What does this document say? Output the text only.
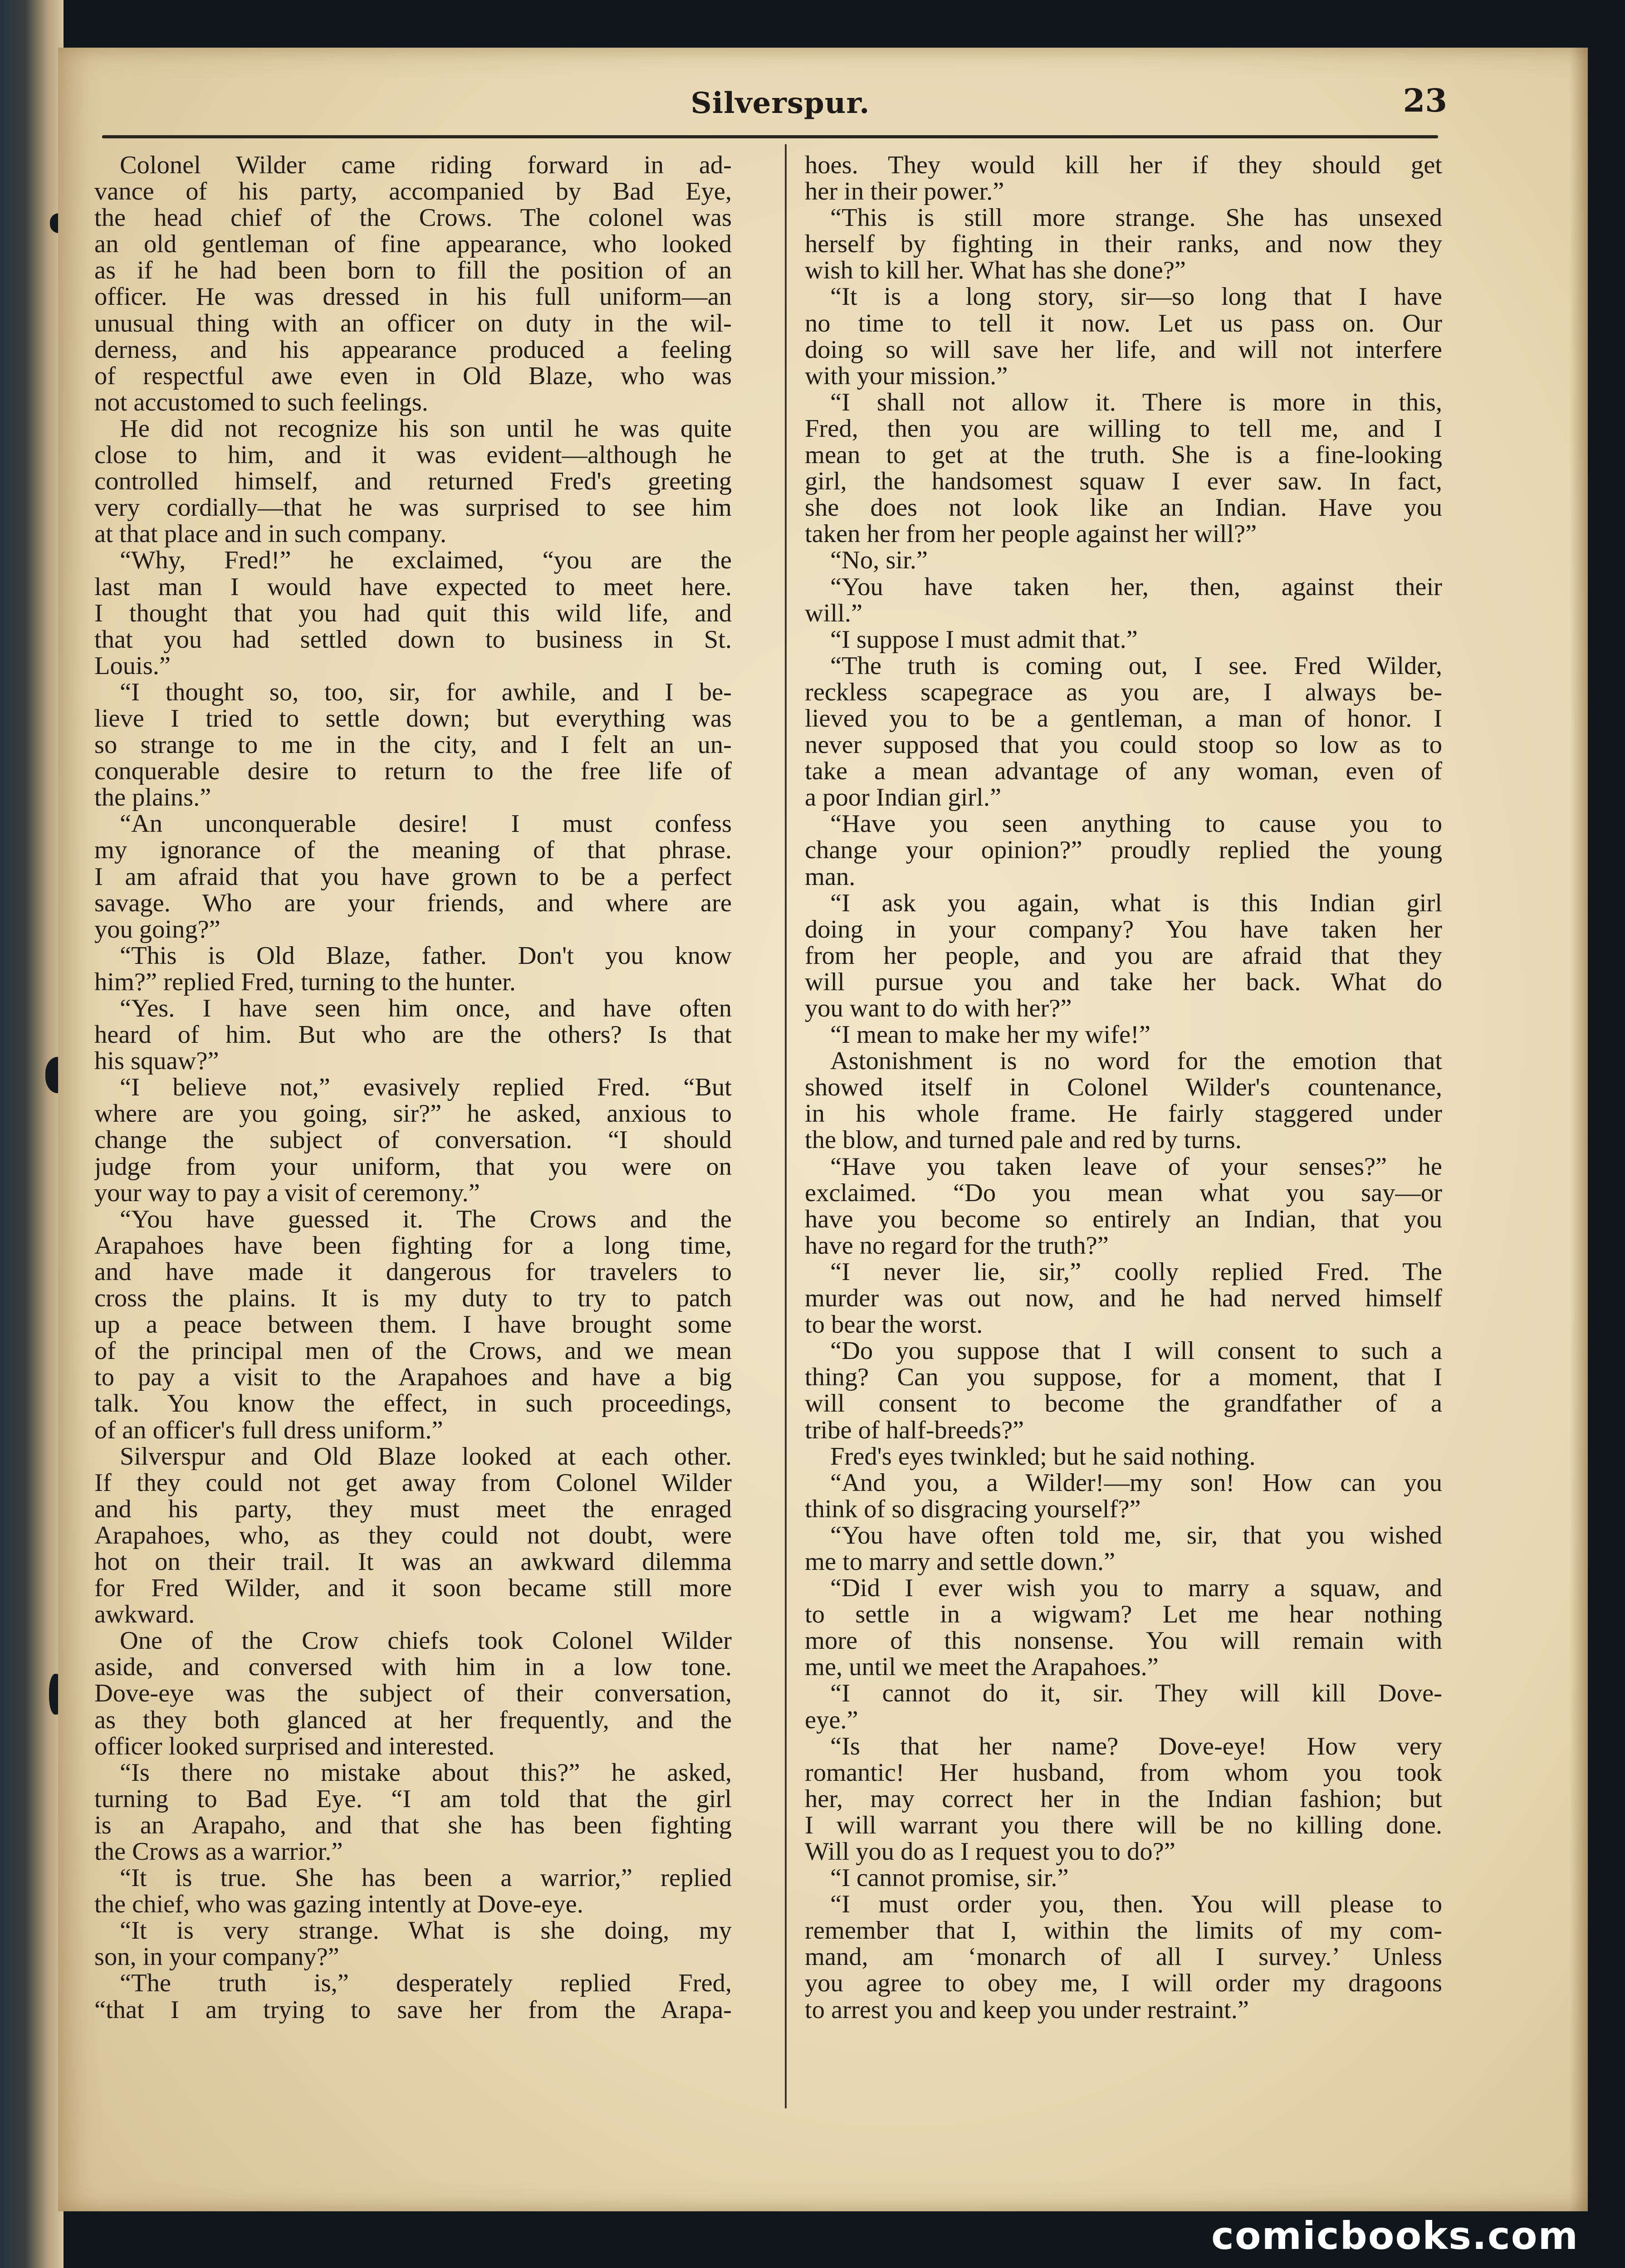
Silverspur.	23
Colonel Wilder came riding forward in ad-
vance of his party, accompanied by Bad Eye,
the head chief of the Crows. The colonel was
an old gentleman of fine appearance, who looked
as if he had been born to fill the position of an
officer. He was dressed in his full uniform—an
unusual thing with an officer on duty in the wil-
derness, and his appearance produced a feeling
of respectful awe even in Old Blaze, who was
not accustomed to such feelings.
He did not recognize his son until he was quite
close to him, and it was evident—although he
controlled himself, and returned Fred's greeting
very cordially—that he was surprised to see him
at that place and in such company.
“Why, Fred!” he exclaimed, “you are the
last man I would have expected to meet here.
I thought that you had quit this wild life, and
that you had settled down to business in St.
Louis.”
“I thought so, too, sir, for awhile, and I be-
lieve I tried to settle down; but everything was
so strange to me in the city, and I felt an un-
conquerable desire to return to the free life of
the plains.”
“An unconquerable desire! I must confess
my ignorance of the meaning of that phrase.
I am afraid that you have grown to be a perfect
savage. Who are your friends, and where are
you going?”
“This is Old Blaze, father. Don't you know
him?” replied Fred, turning to the hunter.
“Yes. I have seen him once, and have often
heard of him. But who are the others? Is that
his squaw?”
“I believe not,” evasively replied Fred. “But
where are you going, sir?” he asked, anxious to
change the subject of conversation. “I should
judge from your uniform, that you were on
your way to pay a visit of ceremony.”
“You have guessed it. The Crows and the
Arapahoes have been fighting for a long time,
and have made it dangerous for travelers to
cross the plains. It is my duty to try to patch
up a peace between them. I have brought some
of the principal men of the Crows, and we mean
to pay a visit to the Arapahoes and have a big
talk. You know the effect, in such proceedings,
of an officer's full dress uniform.”
Silverspur and Old Blaze looked at each other.
If they could not get away from Colonel Wilder
and his party, they must meet the enraged
Arapahoes, who, as they could not doubt, were
hot on their trail. It was an awkward dilemma
for Fred Wilder, and it soon became still more
awkward.
One of the Crow chiefs took Colonel Wilder
aside, and conversed with him in a low tone.
Dove-eye was the subject of their conversation,
as they both glanced at her frequently, and the
officer looked surprised and interested.
“Is there no mistake about this?” he asked,
turning to Bad Eye. “I am told that the girl
is an Arapaho, and that she has been fighting
the Crows as a warrior.”
“It is true. She has been a warrior,” replied
the chief, who was gazing intently at Dove-eye.
“It is very strange. What is she doing, my
son, in your company?”
“The truth is,” desperately replied Fred,
“that I am trying to save her from the Arapa-
hoes. They would kill her if they should get
her in their power.”
“This is still more strange. She has unsexed
herself by fighting in their ranks, and now they
wish to kill her. What has she done?”
“It is a long story, sir—so long that I have
no time to tell it now. Let us pass on. Our
doing so will save her life, and will not interfere
with your mission.”
“I shall not allow it. There is more in this,
Fred, then you are willing to tell me, and I
mean to get at the truth. She is a fine-looking
girl, the handsomest squaw I ever saw. In fact,
she does not look like an Indian. Have you
taken her from her people against her will?”
“No, sir.”
“You have taken her, then, against their
will.”
“I suppose I must admit that.”
“The truth is coming out, I see. Fred Wilder,
reckless scapegrace as you are, I always be-
lieved you to be a gentleman, a man of honor. I
never supposed that you could stoop so low as to
take a mean advantage of any woman, even of
a poor Indian girl.”
“Have you seen anything to cause you to
change your opinion?” proudly replied the young
man.
“I ask you again, what is this Indian girl
doing in your company? You have taken her
from her people, and you are afraid that they
will pursue you and take her back. What do
you want to do with her?”
“I mean to make her my wife!”
Astonishment is no word for the emotion that
showed itself in Colonel Wilder's countenance,
in his whole frame. He fairly staggered under
the blow, and turned pale and red by turns.
“Have you taken leave of your senses?” he
exclaimed. “Do you mean what you say—or
have you become so entirely an Indian, that you
have no regard for the truth?”
“I never lie, sir,” coolly replied Fred. The
murder was out now, and he had nerved himself
to bear the worst.
“Do you suppose that I will consent to such a
thing? Can you suppose, for a moment, that I
will consent to become the grandfather of a
tribe of half-breeds?”
Fred's eyes twinkled; but he said nothing.
“And you, a Wilder!—my son! How can you
think of so disgracing yourself?”
“You have often told me, sir, that you wished
me to marry and settle down.”
“Did I ever wish you to marry a squaw, and
to settle in a wigwam? Let me hear nothing
more of this nonsense. You will remain with
me, until we meet the Arapahoes.”
“I cannot do it, sir. They will kill Dove-
eye.”
“Is that her name? Dove-eye! How very
romantic! Her husband, from whom you took
her, may correct her in the Indian fashion; but
I will warrant you there will be no killing done.
Will you do as I request you to do?”
“I cannot promise, sir.”
“I must order you, then. You will please to
remember that I, within the limits of my com-
mand, am ‘monarch of all I survey.’ Unless
you agree to obey me, I will order my dragoons
to arrest you and keep you under restraint.”
comicbooks.com
